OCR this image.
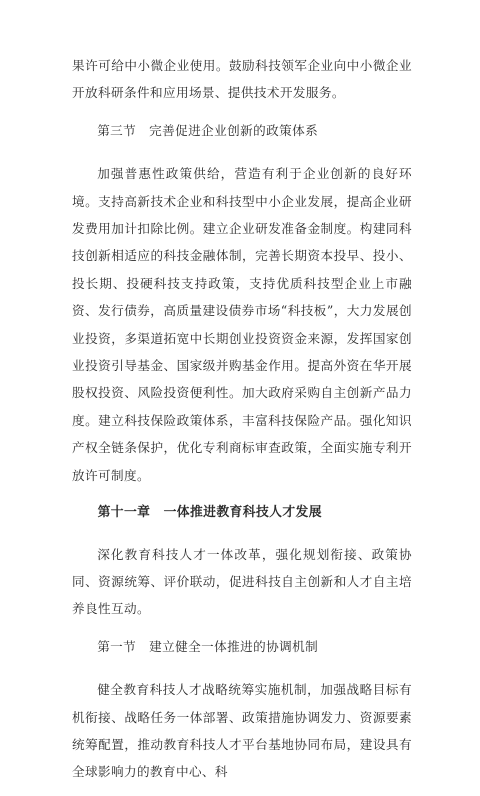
果许可给中小微企业使用。鼓励科技领军企业向中小微企业开放科研条件和应用场景、提供技术开发服务。

第三节　完善促进企业创新的政策体系

加强普惠性政策供给，营造有利于企业创新的良好环境。支持高新技术企业和科技型中小企业发展，提高企业研发费用加计扣除比例。建立企业研发准备金制度。构建同科技创新相适应的科技金融体制，完善长期资本投早、投小、投长期、投硬科技支持政策，支持优质科技型企业上市融资、发行债券，高质量建设债券市场“科技板”，大力发展创业投资，多渠道拓宽中长期创业投资资金来源，发挥国家创业投资引导基金、国家级并购基金作用。提高外资在华开展股权投资、风险投资便利性。加大政府采购自主创新产品力度。建立科技保险政策体系，丰富科技保险产品。强化知识产权全链条保护，优化专利商标审查政策，全面实施专利开放许可制度。

第十一章　一体推进教育科技人才发展

深化教育科技人才一体改革，强化规划衔接、政策协同、资源统筹、评价联动，促进科技自主创新和人才自主培养良性互动。

第一节　建立健全一体推进的协调机制

健全教育科技人才战略统筹实施机制，加强战略目标有机衔接、战略任务一体部署、政策措施协调发力、资源要素统筹配置，推动教育科技人才平台基地协同布局，建设具有全球影响力的教育中心、科
